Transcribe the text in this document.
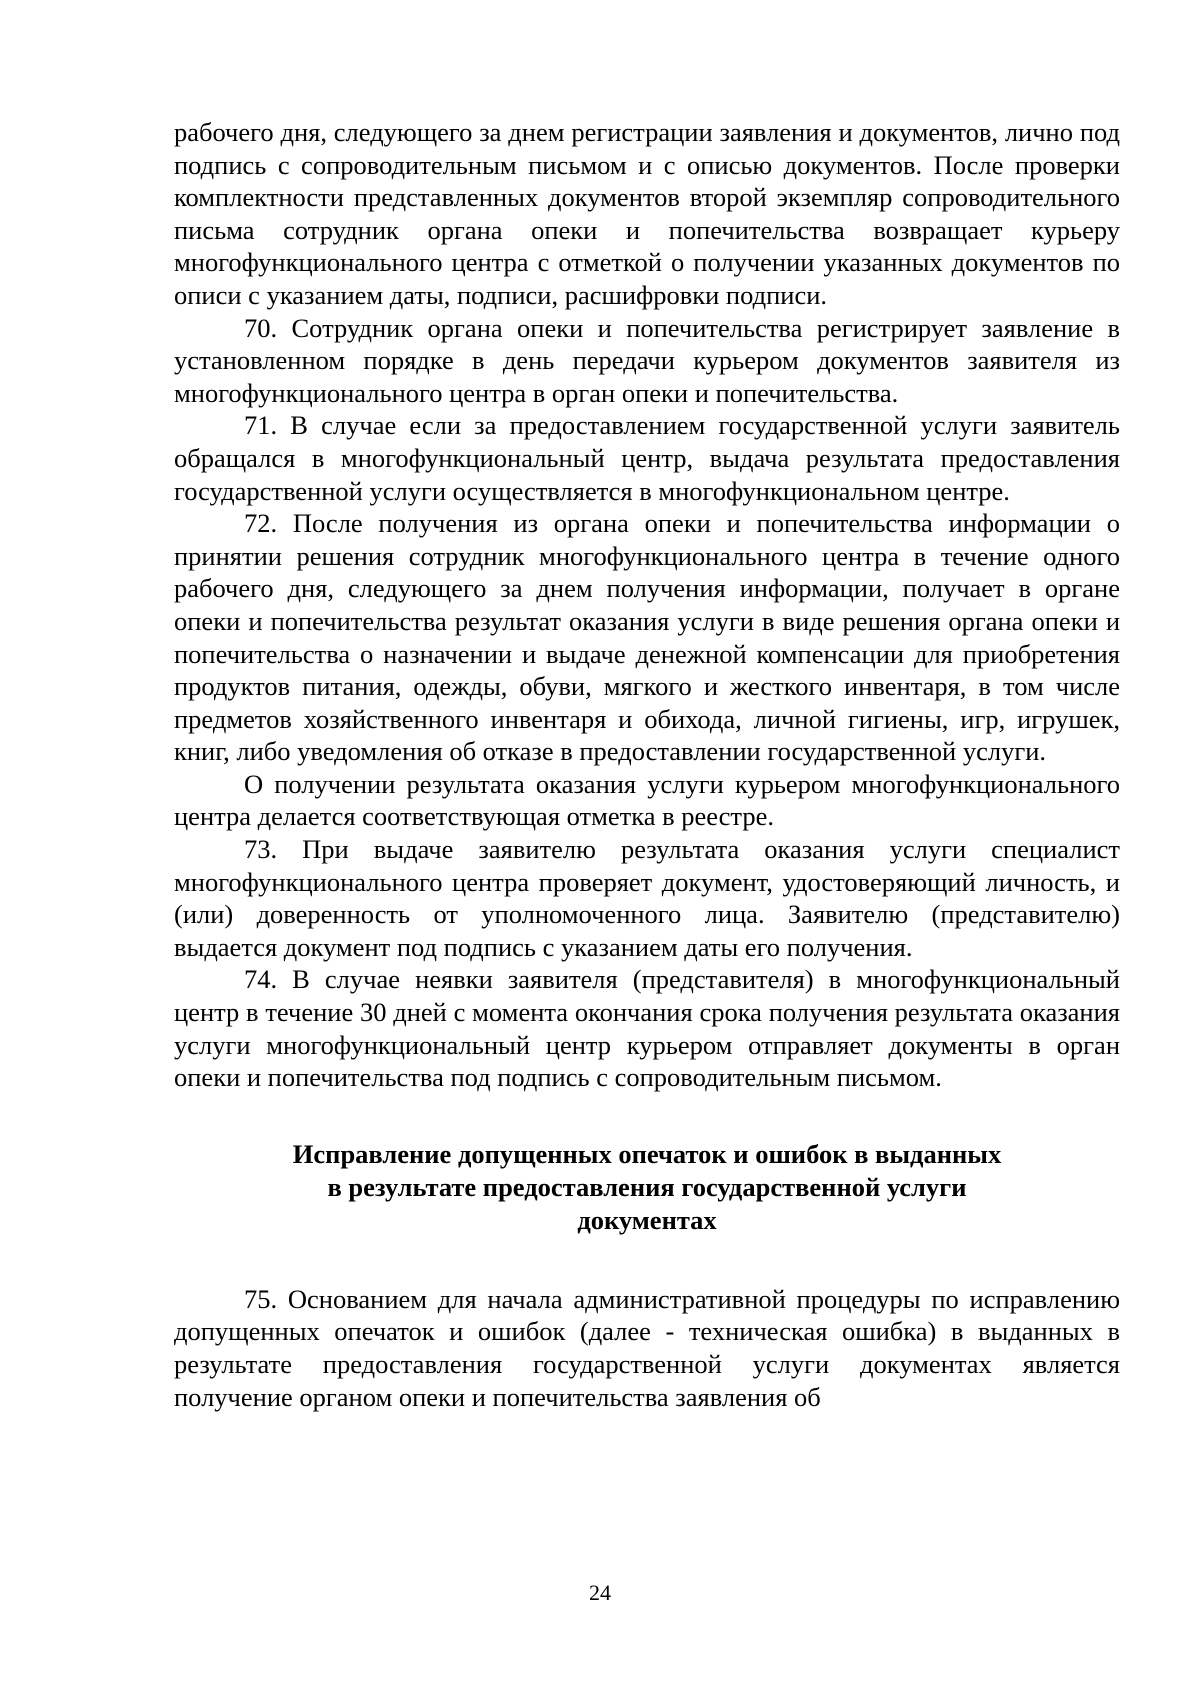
рабочего дня, следующего за днем регистрации заявления и документов, лично под подпись с сопроводительным письмом и с описью документов. После проверки комплектности представленных документов второй экземпляр сопроводительного письма сотрудник органа опеки и попечительства возвращает курьеру многофункционального центра с отметкой о получении указанных документов по описи с указанием даты, подписи, расшифровки подписи.

70. Сотрудник органа опеки и попечительства регистрирует заявление в установленном порядке в день передачи курьером документов заявителя из многофункционального центра в орган опеки и попечительства.

71. В случае если за предоставлением государственной услуги заявитель обращался в многофункциональный центр, выдача результата предоставления государственной услуги осуществляется в многофункциональном центре.

72. После получения из органа опеки и попечительства информации о принятии решения сотрудник многофункционального центра в течение одного рабочего дня, следующего за днем получения информации, получает в органе опеки и попечительства результат оказания услуги в виде решения органа опеки и попечительства о назначении и выдаче денежной компенсации для приобретения продуктов питания, одежды, обуви, мягкого и жесткого инвентаря, в том числе предметов хозяйственного инвентаря и обихода, личной гигиены, игр, игрушек, книг, либо уведомления об отказе в предоставлении государственной услуги.

О получении результата оказания услуги курьером многофункционального центра делается соответствующая отметка в реестре.

73. При выдаче заявителю результата оказания услуги специалист многофункционального центра проверяет документ, удостоверяющий личность, и (или) доверенность от уполномоченного лица. Заявителю (представителю) выдается документ под подпись с указанием даты его получения.

74. В случае неявки заявителя (представителя) в многофункциональный центр в течение 30 дней с момента окончания срока получения результата оказания услуги многофункциональный центр курьером отправляет документы в орган опеки и попечительства под подпись с сопроводительным письмом.

Исправление допущенных опечаток и ошибок в выданных
в результате предоставления государственной услуги
документах

75. Основанием для начала административной процедуры по исправлению допущенных опечаток и ошибок (далее - техническая ошибка) в выданных в результате предоставления государственной услуги документах является получение органом опеки и попечительства заявления об

24
